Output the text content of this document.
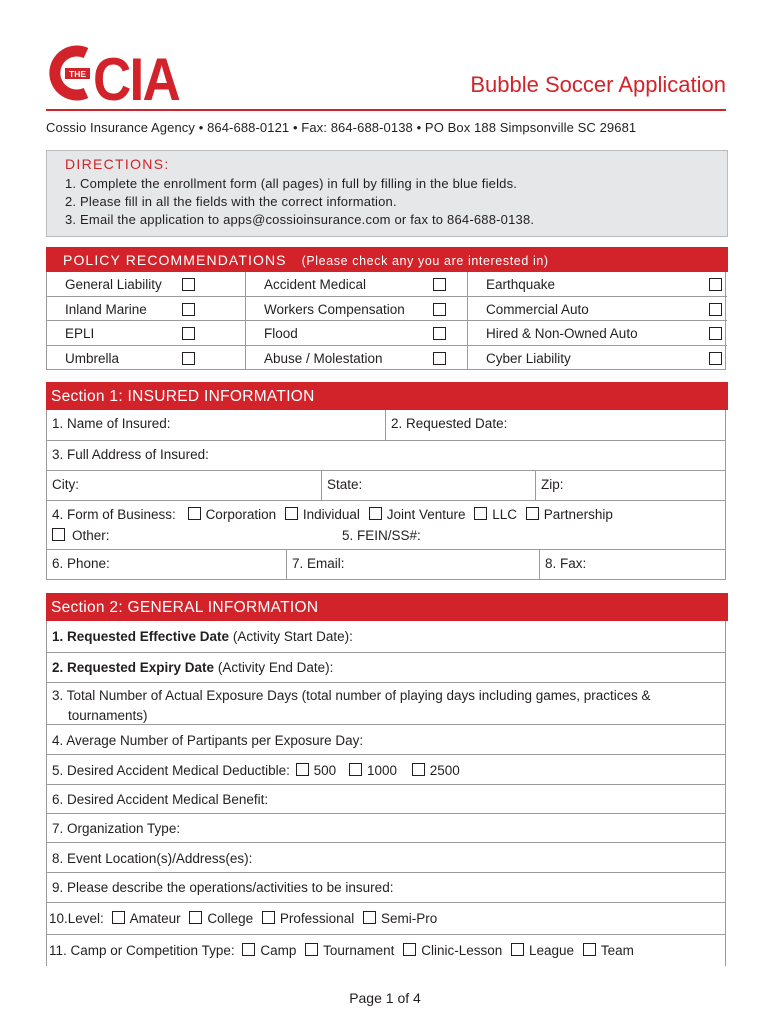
THE CIA	Bubble Soccer Application
Cossio Insurance Agency • 864-688-0121 • Fax: 864-688-0138 • PO Box 188 Simpsonville SC 29681
DIRECTIONS:
1. Complete the enrollment form (all pages) in full by filling in the blue fields.
2. Please fill in all the fields with the correct information.
3. Email the application to apps@cossioinsurance.com or fax to 864-688-0138.
POLICY RECOMMENDATIONS (Please check any you are interested in)
General Liability	Accident Medical	Earthquake
Inland Marine	Workers Compensation	Commercial Auto
EPLI	Flood	Hired & Non-Owned Auto
Umbrella	Abuse / Molestation	Cyber Liability
Section 1: INSURED INFORMATION
1. Name of Insured:	2. Requested Date:
3. Full Address of Insured:
City:	State:	Zip:
4. Form of Business: Corporation Individual Joint Venture LLC Partnership
Other:	5. FEIN/SS#:
6. Phone:	7. Email:	8. Fax:
Section 2: GENERAL INFORMATION
1. Requested Effective Date (Activity Start Date):
2. Requested Expiry Date (Activity End Date):
3. Total Number of Actual Exposure Days (total number of playing days including games, practices &
tournaments)
4. Average Number of Partipants per Exposure Day:
5. Desired Accident Medical Deductible: 500 1000 2500
6. Desired Accident Medical Benefit:
7. Organization Type:
8. Event Location(s)/Address(es):
9. Please describe the operations/activities to be insured:
10.Level: Amateur College Professional Semi-Pro
11. Camp or Competition Type: Camp Tournament Clinic-Lesson League Team
Page 1 of 4
